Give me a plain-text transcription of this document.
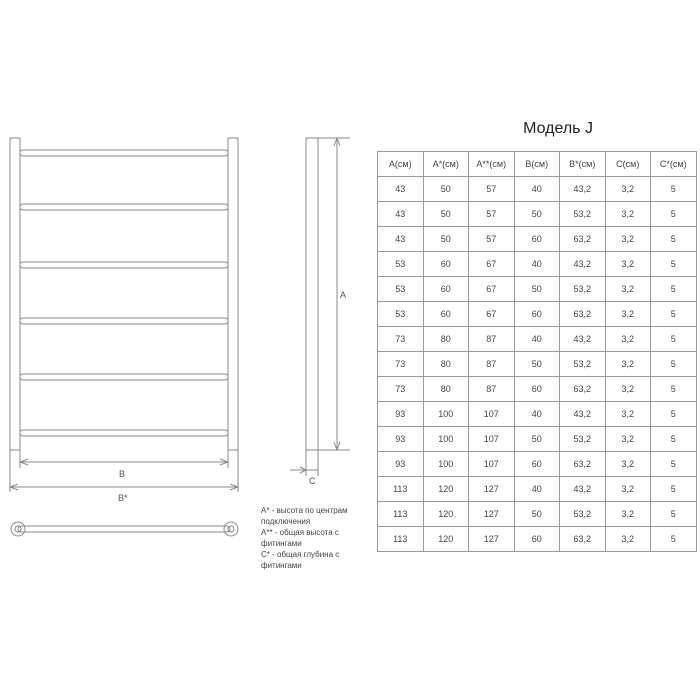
A
B
B*
C
A* - высота по центрам подключения
A** - общая высота с фитингами
C* - общая глубина с фитингами
Модель J
A(см)	A*(см)	A**(см)	B(см)	B*(см)	C(см)	C*(см)
43	50	57	40	43,2	3,2	5
43	50	57	50	53,2	3,2	5
43	50	57	60	63,2	3,2	5
53	60	67	40	43,2	3,2	5
53	60	67	50	53,2	3,2	5
53	60	67	60	63,2	3,2	5
73	80	87	40	43,2	3,2	5
73	80	87	50	53,2	3,2	5
73	80	87	60	63,2	3,2	5
93	100	107	40	43,2	3,2	5
93	100	107	50	53,2	3,2	5
93	100	107	60	63,2	3,2	5
113	120	127	40	43,2	3,2	5
113	120	127	50	53,2	3,2	5
113	120	127	60	63,2	3,2	5
